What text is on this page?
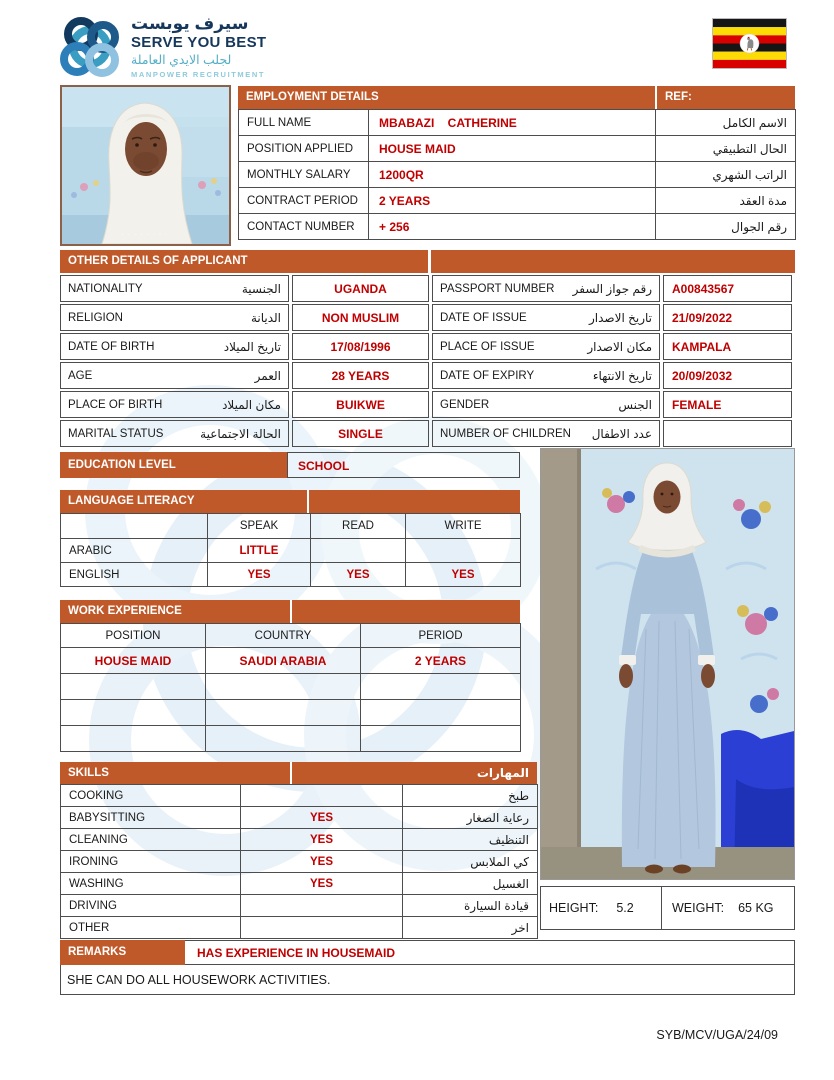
سيرف يوبست
SERVE YOU BEST
لجلب الايدي العاملة
MANPOWER RECRUITMENT
· · · · · · · ·
EMPLOYMENT DETAILS	REF:
FULL NAME	MBABAZI    CATHERINE	الاسم الكامل
POSITION APPLIED	HOUSE MAID	الحال التطبيقي
MONTHLY SALARY	1200QR	الراتب الشهري
CONTRACT PERIOD	2 YEARS	مدة العقد
CONTACT NUMBER	+ 256	رقم الجوال
OTHER DETAILS OF APPLICANT
NATIONALITY	الجنسية	UGANDA	PASSPORT NUMBER رقم جواز السفر	A00843567
RELIGION	الديانة	NON MUSLIM	DATE OF ISSUE	تاريخ الاصدار	21/09/2022
DATE OF BIRTH	تاريخ الميلاد	17/08/1996	PLACE OF ISSUE	مكان الاصدار	KAMPALA
AGE	العمر	28 YEARS	DATE OF EXPIRY	تاريخ الانتهاء	20/09/2032
PLACE OF BIRTH	مكان الميلاد	BUIKWE	GENDER	الجنس	FEMALE
MARITAL STATUS	الحالة الاجتماعية	SINGLE	NUMBER OF CHILDREN عدد الاطفال
EDUCATION LEVEL	SCHOOL
LANGUAGE LITERACY
	SPEAK	READ	WRITE
ARABIC	LITTLE		
ENGLISH	YES	YES	YES
WORK EXPERIENCE
POSITION	COUNTRY	PERIOD
HOUSE MAID	SAUDI ARABIA	2 YEARS

SKILLS	المهارات
COOKING		طبخ
BABYSITTING	YES	رعاية الصغار
CLEANING	YES	التنظيف
IRONING	YES	كي الملابس
WASHING	YES	الغسيل
DRIVING		قيادة السيارة
OTHER		اخر
HEIGHT: 5.2	WEIGHT: 65 KG
REMARKS	HAS EXPERIENCE IN HOUSEMAID
SHE CAN DO ALL HOUSEWORK ACTIVITIES.
SYB/MCV/UGA/24/09
